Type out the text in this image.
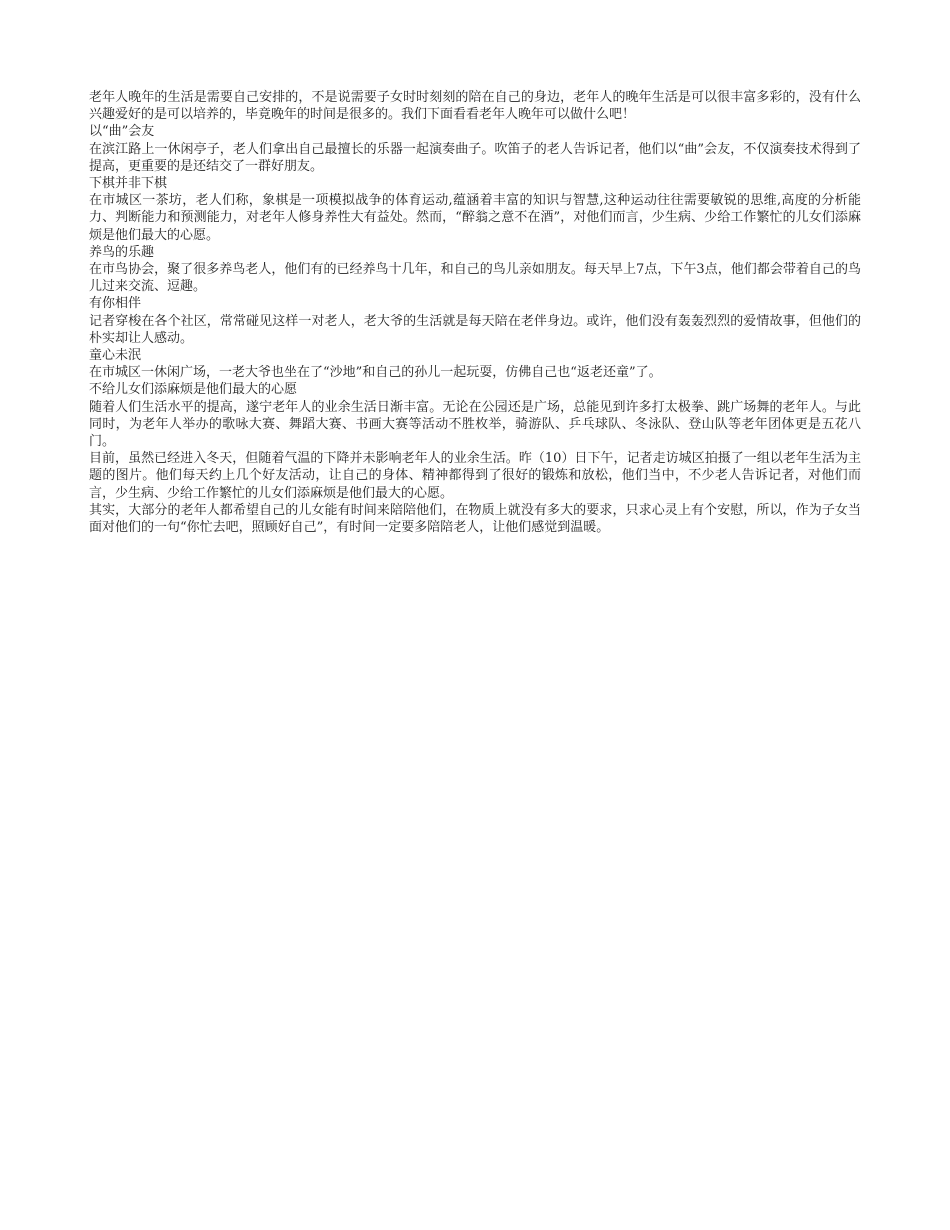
老年人晚年的生活是需要自己安排的，不是说需要子女时时刻刻的陪在自己的身边，老年人的晚年生活是可以很丰富多彩的，没有什么兴趣爱好的是可以培养的，毕竟晚年的时间是很多的。我们下面看看老年人晚年可以做什么吧！

以“曲”会友

在滨江路上一休闲亭子，老人们拿出自己最擅长的乐器一起演奏曲子。吹笛子的老人告诉记者，他们以“曲”会友，不仅演奏技术得到了提高，更重要的是还结交了一群好朋友。

下棋并非下棋

在市城区一茶坊，老人们称，象棋是一项模拟战争的体育运动,蕴涵着丰富的知识与智慧,这种运动往往需要敏锐的思维,高度的分析能力、判断能力和预测能力，对老年人修身养性大有益处。然而，“醉翁之意不在酒”，对他们而言，少生病、少给工作繁忙的儿女们添麻烦是他们最大的心愿。

养鸟的乐趣

在市鸟协会，聚了很多养鸟老人，他们有的已经养鸟十几年，和自己的鸟儿亲如朋友。每天早上7点，下午3点，他们都会带着自己的鸟儿过来交流、逗趣。

有你相伴

记者穿梭在各个社区，常常碰见这样一对老人，老大爷的生活就是每天陪在老伴身边。或许，他们没有轰轰烈烈的爱情故事，但他们的朴实却让人感动。

童心未泯

在市城区一休闲广场，一老大爷也坐在了“沙地”和自己的孙儿一起玩耍，仿佛自己也“返老还童”了。

不给儿女们添麻烦是他们最大的心愿

随着人们生活水平的提高，遂宁老年人的业余生活日渐丰富。无论在公园还是广场，总能见到许多打太极拳、跳广场舞的老年人。与此同时，为老年人举办的歌咏大赛、舞蹈大赛、书画大赛等活动不胜枚举，骑游队、乒乓球队、冬泳队、登山队等老年团体更是五花八门。

目前，虽然已经进入冬天，但随着气温的下降并未影响老年人的业余生活。昨（10）日下午，记者走访城区拍摄了一组以老年生活为主题的图片。他们每天约上几个好友活动，让自己的身体、精神都得到了很好的锻炼和放松，他们当中，不少老人告诉记者，对他们而言，少生病、少给工作繁忙的儿女们添麻烦是他们最大的心愿。

其实，大部分的老年人都希望自己的儿女能有时间来陪陪他们，在物质上就没有多大的要求，只求心灵上有个安慰，所以，作为子女当面对他们的一句“你忙去吧，照顾好自己”，有时间一定要多陪陪老人，让他们感觉到温暖。
